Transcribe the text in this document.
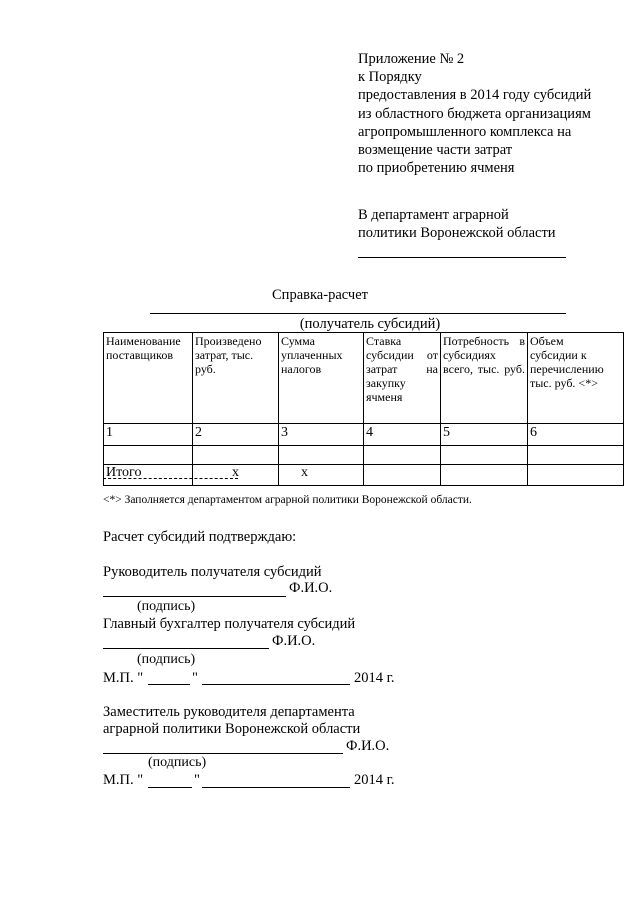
Приложение № 2
к Порядку
предоставления в 2014 году субсидий
из областного бюджета организациям
агропромышленного комплекса на
возмещение части затрат
по приобретению ячменя
В департамент аграрной
политики Воронежской области
Справка-расчет
(получатель субсидий)
Наименование поставщиков	Произведено затрат, тыс. руб.	Сумма уплаченных налогов	Ставка субсидии от затрат на закупку ячменя	Потребность в субсидиях всего, тыс. руб.	Объем субсидии к перечислению тыс. руб. <*>
1	2	3	4	5	6

Итого	x	x			
<*> Заполняется департаментом аграрной политики Воронежской области.
Расчет субсидий подтверждаю:
Руководитель получателя субсидий
Ф.И.О.
(подпись)
Главный бухгалтер получателя субсидий
Ф.И.О.
(подпись)
М.П. "	"	2014 г.
Заместитель руководителя департамента
аграрной политики Воронежской области
Ф.И.О.
(подпись)
М.П. "	"	2014 г.
